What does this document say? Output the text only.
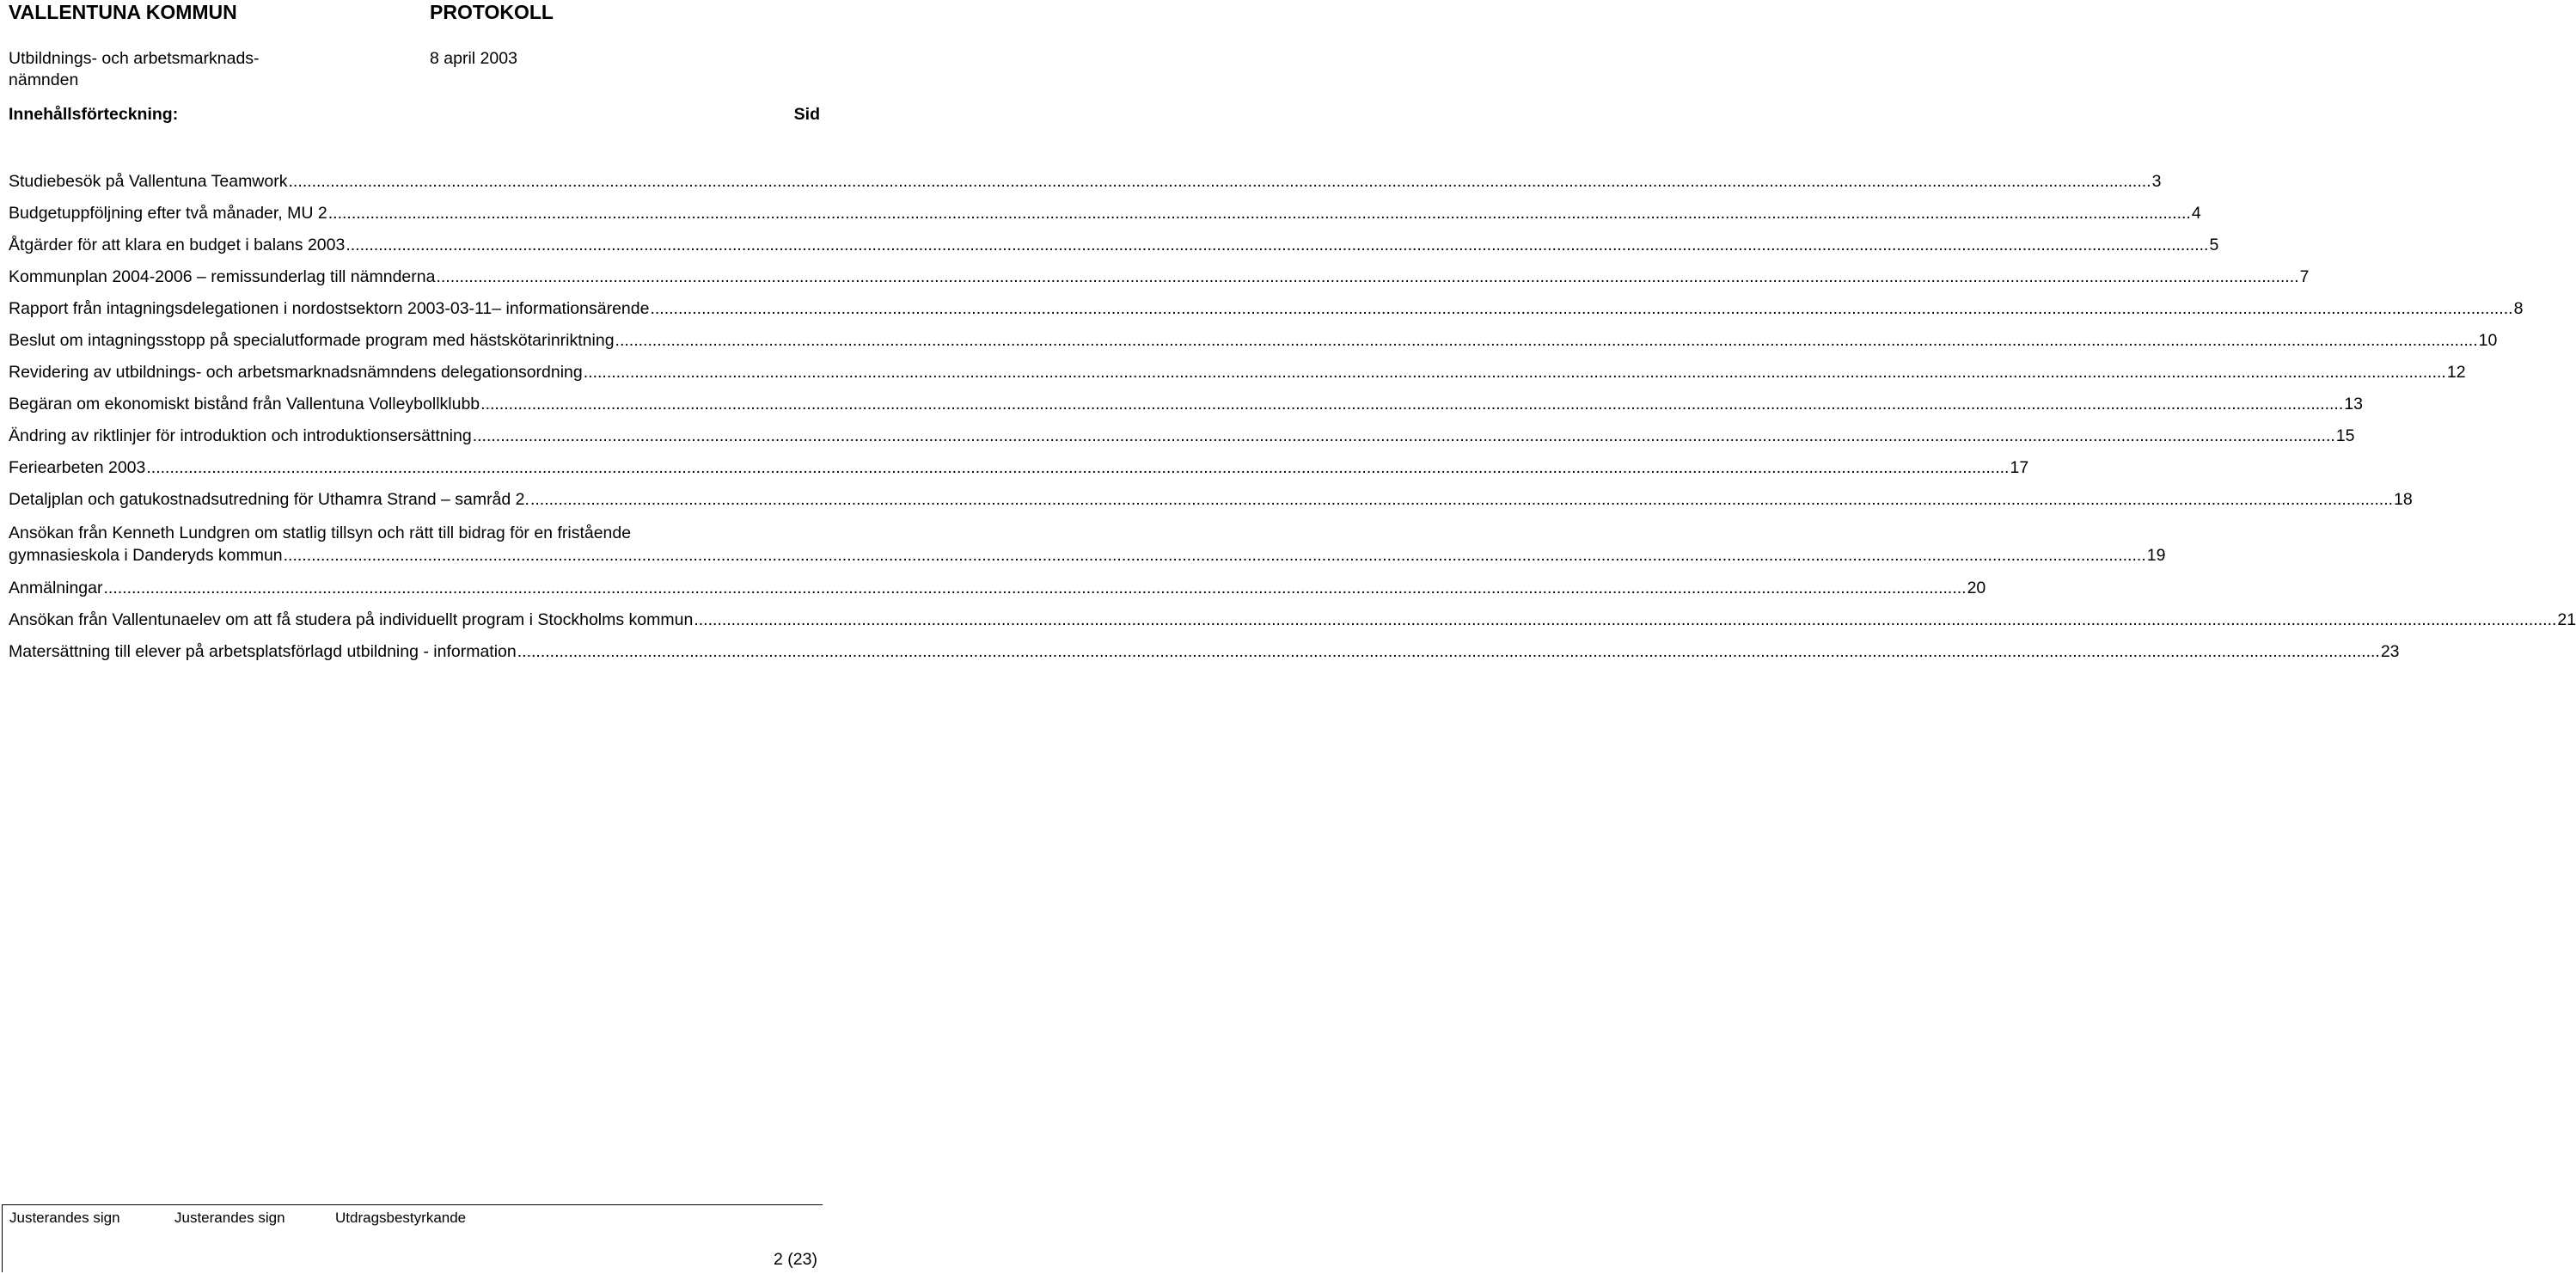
VALLENTUNA KOMMUN	PROTOKOLL
Utbildnings- och arbetsmarknads-
nämnden
8 april 2003
Innehållsförteckning:	Sid
Studiebesök på Vallentuna Teamwork ................................................................................................................................................................................................................................................................................................................................................................................................................ 3
Budgetuppföljning efter två månader, MU 2 ................................................................................................................................................................................................................................................................................................................................................................................................................ 4
Åtgärder för att klara en budget i balans 2003 ................................................................................................................................................................................................................................................................................................................................................................................................................ 5
Kommunplan 2004-2006 – remissunderlag till nämnderna ................................................................................................................................................................................................................................................................................................................................................................................................................ 7
Rapport från intagningsdelegationen i nordostsektorn 2003-03-11– informationsärende ................................................................................................................................................................................................................................................................................................................................................................................................................ 8
Beslut om intagningsstopp på specialutformade program med hästskötarinriktning ................................................................................................................................................................................................................................................................................................................................................................................................................ 10
Revidering av utbildnings- och arbetsmarknadsnämndens delegationsordning ................................................................................................................................................................................................................................................................................................................................................................................................................ 12
Begäran om ekonomiskt bistånd från Vallentuna Volleybollklubb ................................................................................................................................................................................................................................................................................................................................................................................................................ 13
Ändring av riktlinjer för introduktion och introduktionsersättning ................................................................................................................................................................................................................................................................................................................................................................................................................ 15
Feriearbeten 2003 ................................................................................................................................................................................................................................................................................................................................................................................................................ 17
Detaljplan och gatukostnadsutredning för Uthamra Strand – samråd 2. ................................................................................................................................................................................................................................................................................................................................................................................................................ 18
Ansökan från Kenneth Lundgren om statlig tillsyn och rätt till bidrag för en fristående
gymnasieskola i Danderyds kommun ................................................................................................................................................................................................................................................................................................................................................................................................................ 19
Anmälningar ................................................................................................................................................................................................................................................................................................................................................................................................................ 20
Ansökan från Vallentunaelev om att få studera på individuellt program i Stockholms kommun ................................................................................................................................................................................................................................................................................................................................................................................................................ 21
Matersättning till elever på arbetsplatsförlagd utbildning - information ................................................................................................................................................................................................................................................................................................................................................................................................................ 23
Justerandes sign	Justerandes sign	Utdragsbestyrkande
2 (23)
